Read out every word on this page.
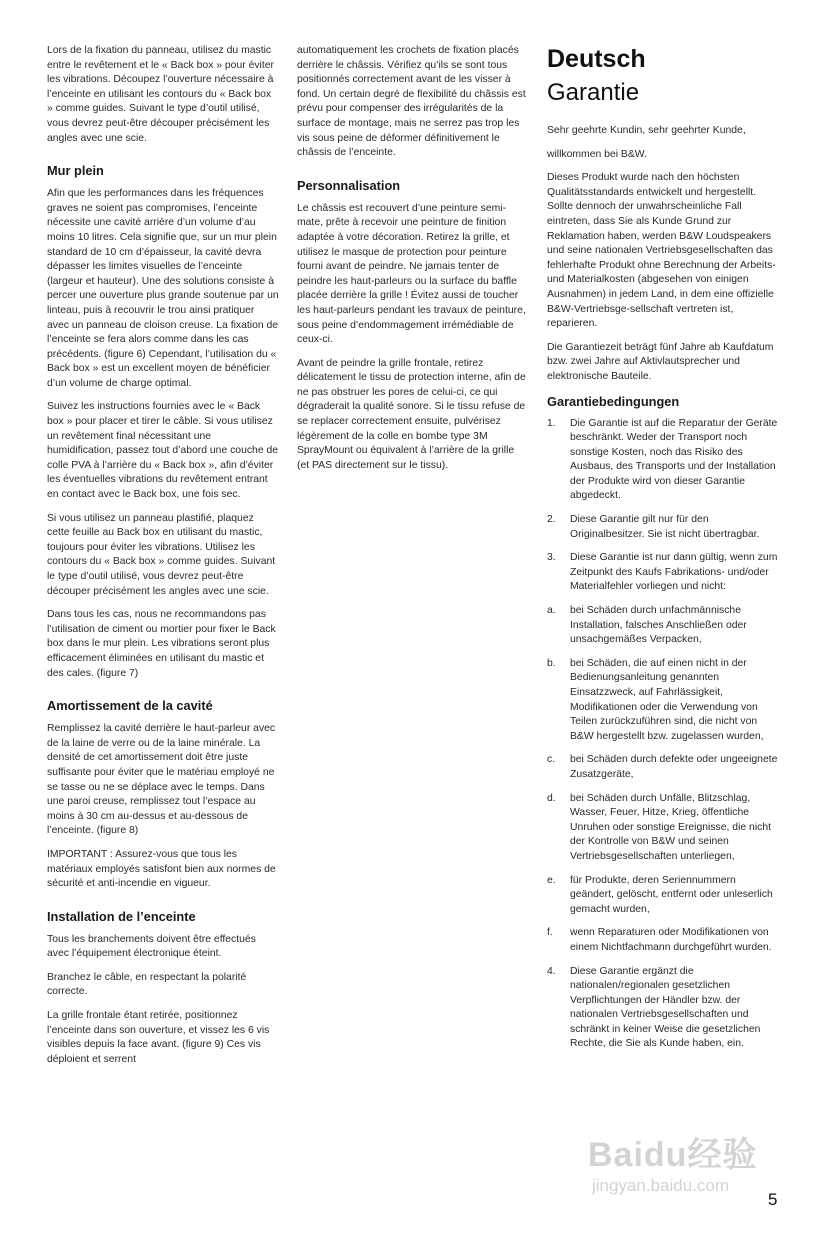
Lors de la fixation du panneau, utilisez du mastic entre le revêtement et le « Back box » pour éviter les vibrations. Découpez l’ouverture nécessaire à l’enceinte en utilisant les contours du « Back box » comme guides. Suivant le type d’outil utilisé, vous devrez peut-être découper précisément les angles avec une scie.

Mur plein

Afin que les performances dans les fréquences graves ne soient pas compromises, l’enceinte nécessite une cavité arrière d’un volume d’au moins 10 litres. Cela signifie que, sur un mur plein standard de 10 cm d’épaisseur, la cavité devra dépasser les limites visuelles de l’enceinte (largeur et hauteur). Une des solutions consiste à percer une ouverture plus grande soutenue par un linteau, puis à recouvrir le trou ainsi pratiquer avec un panneau de cloison creuse. La fixation de l’enceinte se fera alors comme dans les cas précédents. (figure 6) Cependant, l’utilisation du « Back box » est un excellent moyen de bénéficier d’un volume de charge optimal.

Suivez les instructions fournies avec le « Back box » pour placer et tirer le câble. Si vous utilisez un revêtement final nécessitant une humidification, passez tout d’abord une couche de colle PVA à l’arrière du « Back box », afin d’éviter les éventuelles vibrations du revêtement entrant en contact avec le Back box, une fois sec.

Si vous utilisez un panneau plastifié, plaquez cette feuille au Back box en utilisant du mastic, toujours pour éviter les vibrations. Utilisez les contours du « Back box » comme guides. Suivant le type d’outil utilisé, vous devrez peut-être découper précisément les angles avec une scie.

Dans tous les cas, nous ne recommandons pas l’utilisation de ciment ou mortier pour fixer le Back box dans le mur plein. Les vibrations seront plus efficacement éliminées en utilisant du mastic et des cales. (figure 7)

Amortissement de la cavité

Remplissez la cavité derrière le haut-parleur avec de la laine de verre ou de la laine minérale. La densité de cet amortissement doit être juste suffisante pour éviter que le matériau employé ne se tasse ou ne se déplace avec le temps. Dans une paroi creuse, remplissez tout l’espace au moins à 30 cm au-dessus et au-dessous de l’enceinte. (figure 8)

IMPORTANT : Assurez-vous que tous les matériaux employés satisfont bien aux normes de sécurité et anti-incendie en vigueur.

Installation de l’enceinte

Tous les branchements doivent être effectués avec l’équipement électronique éteint.

Branchez le câble, en respectant la polarité correcte.

La grille frontale étant retirée, positionnez l’enceinte dans son ouverture, et vissez les 6 vis visibles depuis la face avant. (figure 9) Ces vis déploient et serrent

automatiquement les crochets de fixation placés derrière le châssis. Vérifiez qu’ils se sont tous positionnés correctement avant de les visser à fond. Un certain degré de flexibilité du châssis est prévu pour compenser des irrégularités de la surface de montage, mais ne serrez pas trop les vis sous peine de déformer définitivement le châssis de l’enceinte.

Personnalisation

Le châssis est recouvert d’une peinture semi-mate, prête à recevoir une peinture de finition adaptée à votre décoration. Retirez la grille, et utilisez le masque de protection pour peinture fourni avant de peindre. Ne jamais tenter de peindre les haut-parleurs ou la surface du baffle placée derrière la grille ! Évitez aussi de toucher les haut-parleurs pendant les travaux de peinture, sous peine d’endommagement irrémédiable de ceux-ci.

Avant de peindre la grille frontale, retirez délicatement le tissu de protection interne, afin de ne pas obstruer les pores de celui-ci, ce qui dégraderait la qualité sonore. Si le tissu refuse de se replacer correctement ensuite, pulvérisez légèrement de la colle en bombe type 3M SprayMount ou équivalent à l’arrière de la grille (et PAS directement sur le tissu).

Deutsch
Garantie

Sehr geehrte Kundin, sehr geehrter Kunde,

willkommen bei B&W.

Dieses Produkt wurde nach den höchsten Qualitätsstandards entwickelt und hergestellt. Sollte dennoch der unwahrscheinliche Fall eintreten, dass Sie als Kunde Grund zur Reklamation haben, werden B&W Loudspeakers und seine nationalen Vertriebsgesellschaften das fehlerhafte Produkt ohne Berechnung der Arbeits- und Materialkosten (abgesehen von einigen Ausnahmen) in jedem Land, in dem eine offizielle B&W-Vertriebsge-sellschaft vertreten ist, reparieren.

Die Garantiezeit beträgt fünf Jahre ab Kaufdatum bzw. zwei Jahre auf Aktivlautsprecher und elektronische Bauteile.

Garantiebedingungen
1.	Die Garantie ist auf die Reparatur der Geräte beschränkt. Weder der Transport noch sonstige Kosten, noch das Risiko des Ausbaus, des Transports und der Installation der Produkte wird von dieser Garantie abgedeckt.
2.	Diese Garantie gilt nur für den Originalbesitzer. Sie ist nicht übertragbar.
3.	Diese Garantie ist nur dann gültig, wenn zum Zeitpunkt des Kaufs Fabrikations- und/oder Materialfehler vorliegen und nicht:
a.	bei Schäden durch unfachmännische Installation, falsches Anschließen oder unsachgemäßes Verpacken,
b.	bei Schäden, die auf einen nicht in der Bedienungsanleitung genannten Einsatzzweck, auf Fahrlässigkeit, Modifikationen oder die Verwendung von Teilen zurückzuführen sind, die nicht von B&W hergestellt bzw. zugelassen wurden,
c.	bei Schäden durch defekte oder ungeeignete Zusatzgeräte,
d.	bei Schäden durch Unfälle, Blitzschlag, Wasser, Feuer, Hitze, Krieg, öffentliche Unruhen oder sonstige Ereignisse, die nicht der Kontrolle von B&W und seinen Vertriebsgesellschaften unterliegen,
e.	für Produkte, deren Seriennummern geändert, gelöscht, entfernt oder unleserlich gemacht wurden,
f.	wenn Reparaturen oder Modifikationen von einem Nichtfachmann durchgeführt wurden.
4.	Diese Garantie ergänzt die nationalen/regionalen gesetzlichen Verpflichtungen der Händler bzw. der nationalen Vertriebsgesellschaften und schränkt in keiner Weise die gesetzlichen Rechte, die Sie als Kunde haben, ein.
5
Baidu经验
jingyan.baidu.com
